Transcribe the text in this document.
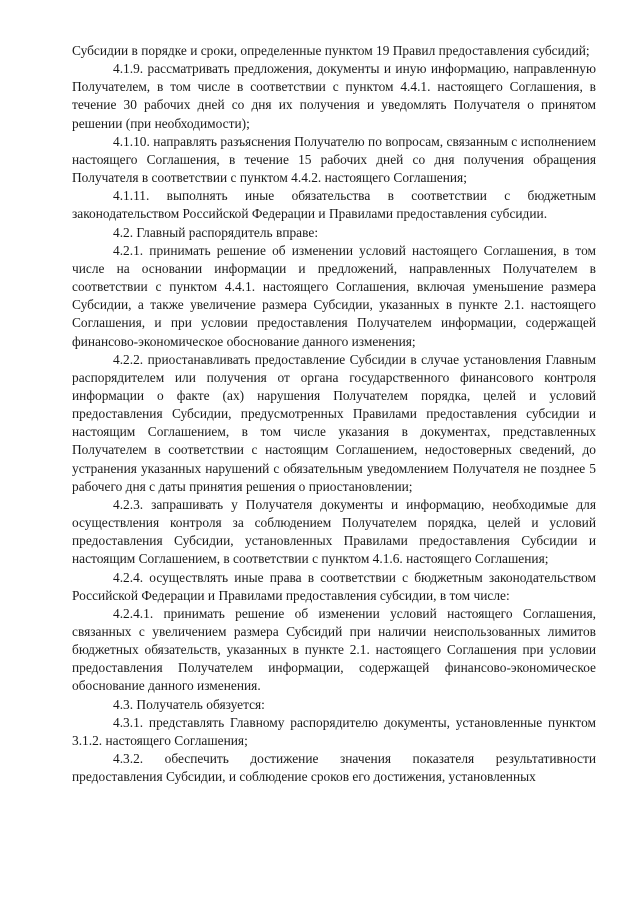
Субсидии в порядке и сроки, определенные пунктом 19 Правил предоставления субсидий;

4.1.9. рассматривать предложения, документы и иную информацию, направленную Получателем, в том числе в соответствии с пунктом 4.4.1. настоящего Соглашения, в течение 30 рабочих дней со дня их получения и уведомлять Получателя о принятом решении (при необходимости);

4.1.10. направлять разъяснения Получателю по вопросам, связанным с исполнением настоящего Соглашения, в течение 15 рабочих дней со дня получения обращения Получателя в соответствии с пунктом 4.4.2. настоящего Соглашения;

4.1.11. выполнять иные обязательства в соответствии с бюджетным законодательством Российской Федерации и Правилами предоставления субсидии.

4.2. Главный распорядитель вправе:

4.2.1. принимать решение об изменении условий настоящего Соглашения, в том числе на основании информации и предложений, направленных Получателем в соответствии с пунктом 4.4.1. настоящего Соглашения, включая уменьшение размера Субсидии, а также увеличение размера Субсидии, указанных в пункте 2.1. настоящего Соглашения, и при условии предоставления Получателем информации, содержащей финансово-экономическое обоснование данного изменения;

4.2.2. приостанавливать предоставление Субсидии в случае установления Главным распорядителем или получения от органа государственного финансового контроля информации о факте (ах) нарушения Получателем порядка, целей и условий предоставления Субсидии, предусмотренных Правилами предоставления субсидии и настоящим Соглашением, в том числе указания в документах, представленных Получателем в соответствии с настоящим Соглашением, недостоверных сведений, до устранения указанных нарушений с обязательным уведомлением Получателя не позднее 5 рабочего дня с даты принятия решения о приостановлении;

4.2.3. запрашивать у Получателя документы и информацию, необходимые для осуществления контроля за соблюдением Получателем порядка, целей и условий предоставления Субсидии, установленных Правилами предоставления Субсидии и настоящим Соглашением, в соответствии с пунктом 4.1.6. настоящего Соглашения;

4.2.4. осуществлять иные права в соответствии с бюджетным законодательством Российской Федерации и Правилами предоставления субсидии, в том числе:

4.2.4.1. принимать решение об изменении условий настоящего Соглашения, связанных с увеличением размера Субсидий при наличии неиспользованных лимитов бюджетных обязательств, указанных в пункте 2.1. настоящего Соглашения при условии предоставления Получателем информации, содержащей финансово-экономическое обоснование данного изменения.

4.3. Получатель обязуется:

4.3.1. представлять Главному распорядителю документы, установленные пунктом 3.1.2. настоящего Соглашения;

4.3.2. обеспечить достижение значения показателя результативности предоставления Субсидии, и соблюдение сроков его достижения, установленных
